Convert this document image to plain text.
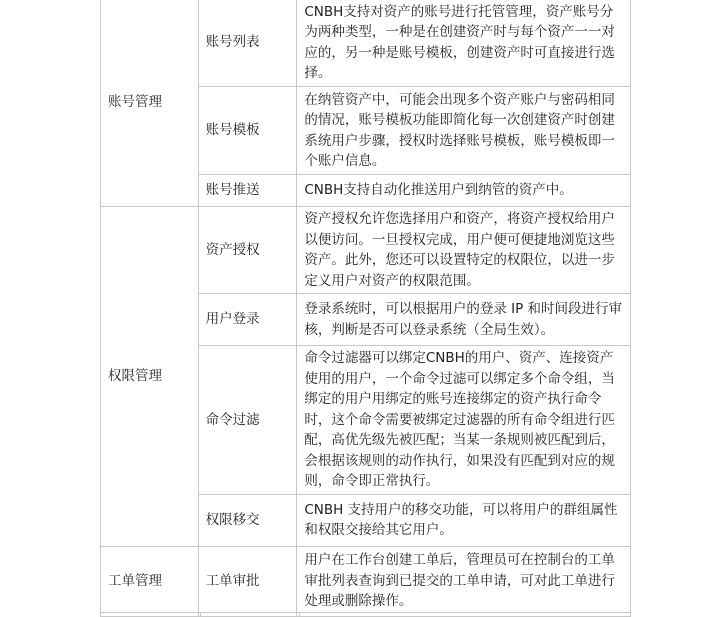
账号管理	账号列表	CNBH支持对资产的账号进行托管管理，资产账号分为两种类型，一种是在创建资产时与每个资产一一对应的，另一种是账号模板，创建资产时可直接进行选择。
	账号模板	在纳管资产中，可能会出现多个资产账户与密码相同的情况，账号模板功能即简化每一次创建资产时创建系统用户步骤，授权时选择账号模板，账号模板即一个账户信息。
	账号推送	CNBH支持自动化推送用户到纳管的资产中。
权限管理	资产授权	资产授权允许您选择用户和资产，将资产授权给用户以便访问。一旦授权完成，用户便可便捷地浏览这些资产。此外，您还可以设置特定的权限位，以进一步定义用户对资产的权限范围。
	用户登录	登录系统时，可以根据用户的登录 IP 和时间段进行审核，判断是否可以登录系统（全局生效）。
	命令过滤	命令过滤器可以绑定CNBH的用户、资产、连接资产使用的用户，一个命令过滤可以绑定多个命令组，当绑定的用户用绑定的账号连接绑定的资产执行命令时，这个命令需要被绑定过滤器的所有命令组进行匹配，高优先级先被匹配；当某一条规则被匹配到后，会根据该规则的动作执行，如果没有匹配到对应的规则，命令即正常执行。
	权限移交	CNBH 支持用户的移交功能，可以将用户的群组属性和权限交接给其它用户。
工单管理	工单审批	用户在工作台创建工单后，管理员可在控制台的工单审批列表查询到已提交的工单申请，可对此工单进行处理或删除操作。
